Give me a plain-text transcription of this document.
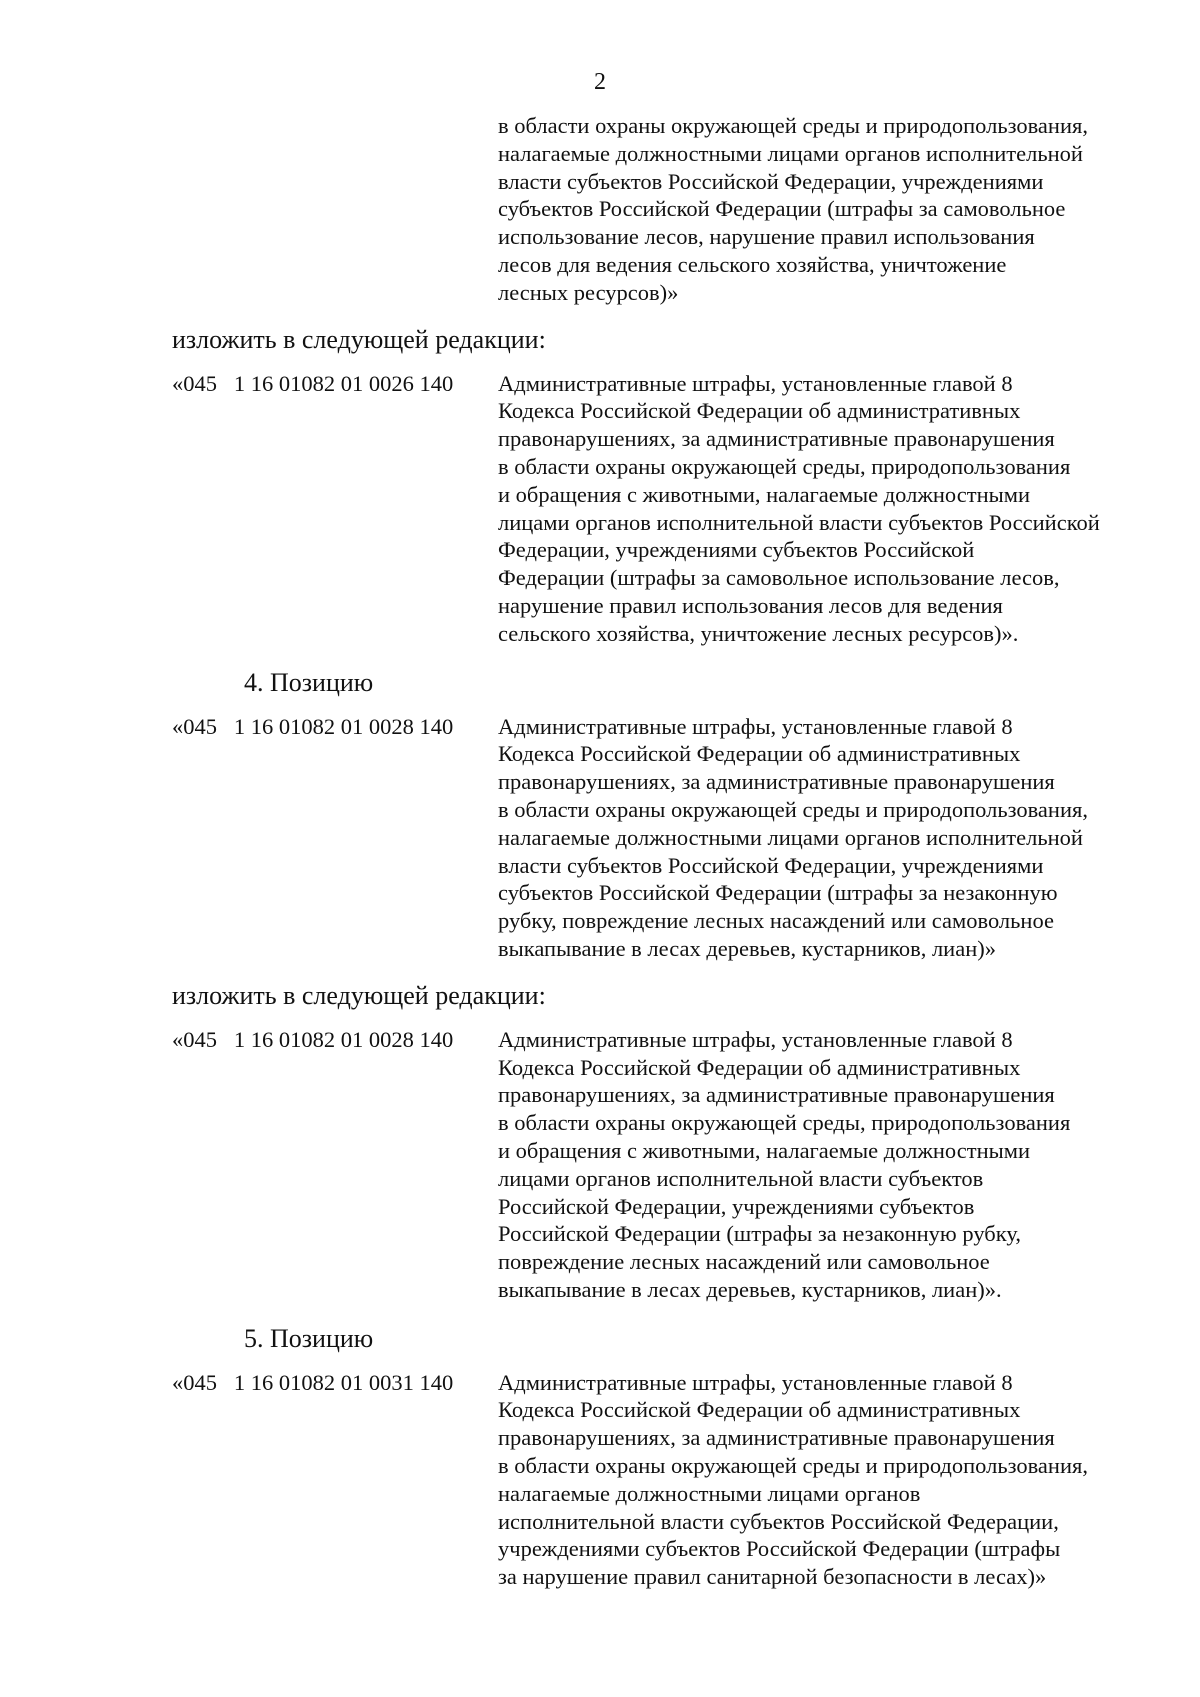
2
в области охраны окружающей среды и природопользования,
налагаемые должностными лицами органов исполнительной
власти субъектов Российской Федерации, учреждениями
субъектов Российской Федерации (штрафы за самовольное
использование лесов, нарушение правил использования
лесов для ведения сельского хозяйства, уничтожение
лесных ресурсов)»
изложить в следующей редакции:
«045   1 16 01082 01 0026 140	Административные штрафы, установленные главой 8
Кодекса Российской Федерации об административных
правонарушениях, за административные правонарушения
в области охраны окружающей среды, природопользования
и обращения с животными, налагаемые должностными
лицами органов исполнительной власти субъектов Российской
Федерации, учреждениями субъектов Российской
Федерации (штрафы за самовольное использование лесов,
нарушение правил использования лесов для ведения
сельского хозяйства, уничтожение лесных ресурсов)».
4. Позицию
«045   1 16 01082 01 0028 140	Административные штрафы, установленные главой 8
Кодекса Российской Федерации об административных
правонарушениях, за административные правонарушения
в области охраны окружающей среды и природопользования,
налагаемые должностными лицами органов исполнительной
власти субъектов Российской Федерации, учреждениями
субъектов Российской Федерации (штрафы за незаконную
рубку, повреждение лесных насаждений или самовольное
выкапывание в лесах деревьев, кустарников, лиан)»
изложить в следующей редакции:
«045   1 16 01082 01 0028 140	Административные штрафы, установленные главой 8
Кодекса Российской Федерации об административных
правонарушениях, за административные правонарушения
в области охраны окружающей среды, природопользования
и обращения с животными, налагаемые должностными
лицами органов исполнительной власти субъектов
Российской Федерации, учреждениями субъектов
Российской Федерации (штрафы за незаконную рубку,
повреждение лесных насаждений или самовольное
выкапывание в лесах деревьев, кустарников, лиан)».
5. Позицию
«045   1 16 01082 01 0031 140	Административные штрафы, установленные главой 8
Кодекса Российской Федерации об административных
правонарушениях, за административные правонарушения
в области охраны окружающей среды и природопользования,
налагаемые должностными лицами органов
исполнительной власти субъектов Российской Федерации,
учреждениями субъектов Российской Федерации (штрафы
за нарушение правил санитарной безопасности в лесах)»
